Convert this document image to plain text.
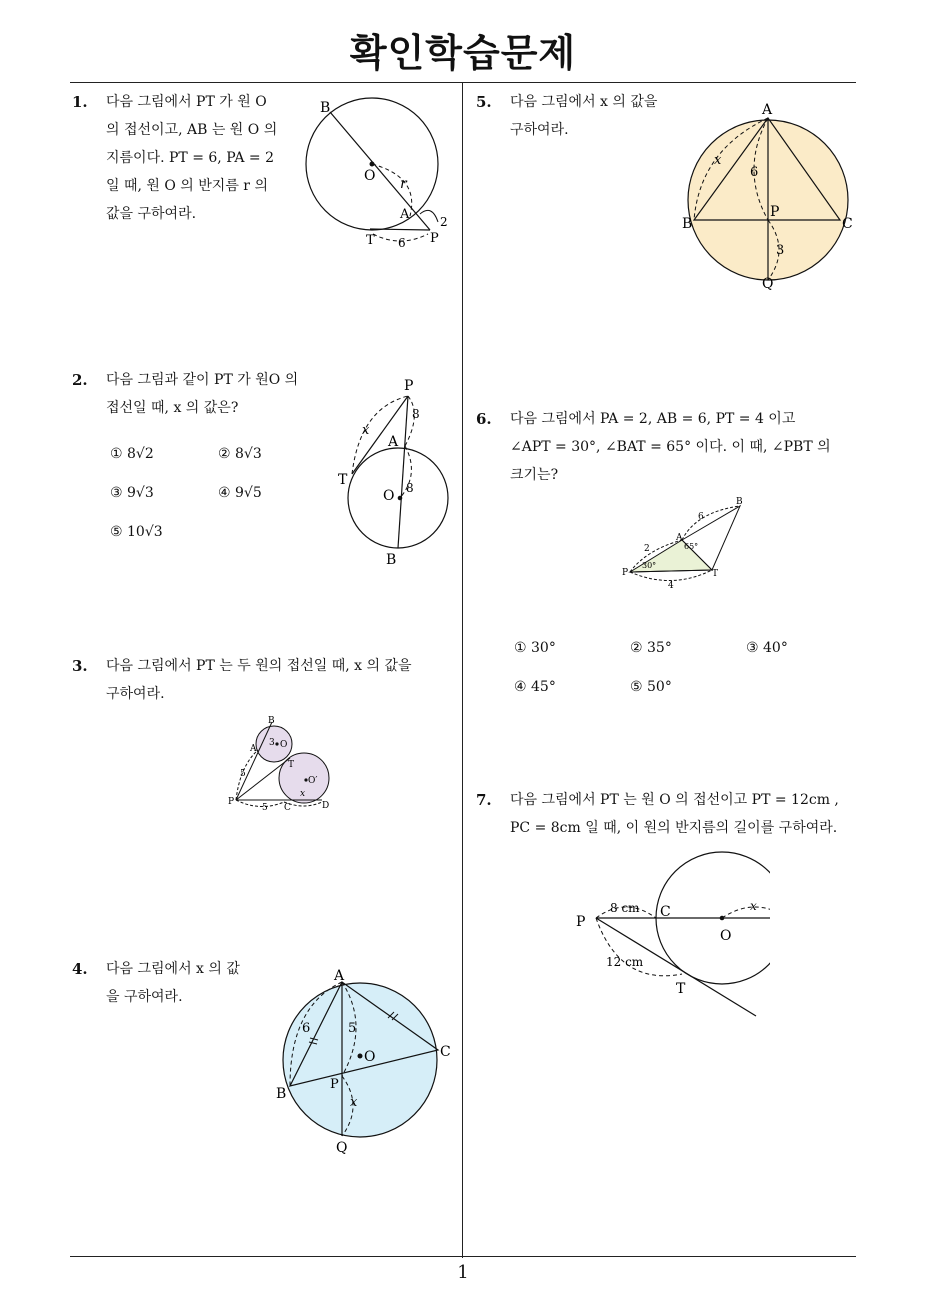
확인학습문제
1
1. 다음 그림에서 PT 가 원 O
의 접선이고, AB 는 원 O 의
지름이다. PT = 6, PA = 2
일 때, 원 O 의 반지름 r 의
값을 구하여라.
B
O r
A
T	P
6
2
2. 다음 그림과 같이 PT 가 원O 의
접선일 때, x 의 값은?
① 8√2	② 8√3
③ 9√3	④ 9√5
⑤ 10√3
P
A
T
O
B
x
8
8
3. 다음 그림에서 PT 는 두 원의 접선일 때, x 의 값을
구하여라.
B
A
3 O
T
O′
5
P
5 C
x
D
4. 다음 그림에서 x 의 값
을 구하여라.
A
6	5
O	C
B
P
x
Q
5. 다음 그림에서 x 의 값을
구하여라.
A
x
6
B
P
C
3
Q
6. 다음 그림에서 PA = 2, AB = 6, PT = 4 이고
∠APT = 30°, ∠BAT = 65° 이다. 이 때, ∠PBT 의
크기는?
B
6
A
2	65°
P
30°
T
4
① 30°	② 35°	③ 40°
④ 45°	⑤ 50°
7. 다음 그림에서 PT 는 원 O 의 접선이고 PT = 12cm ,
PC = 8cm 일 때, 이 원의 반지름의 길이를 구하여라.
P
8 cm C	x
O
12 cm
T
